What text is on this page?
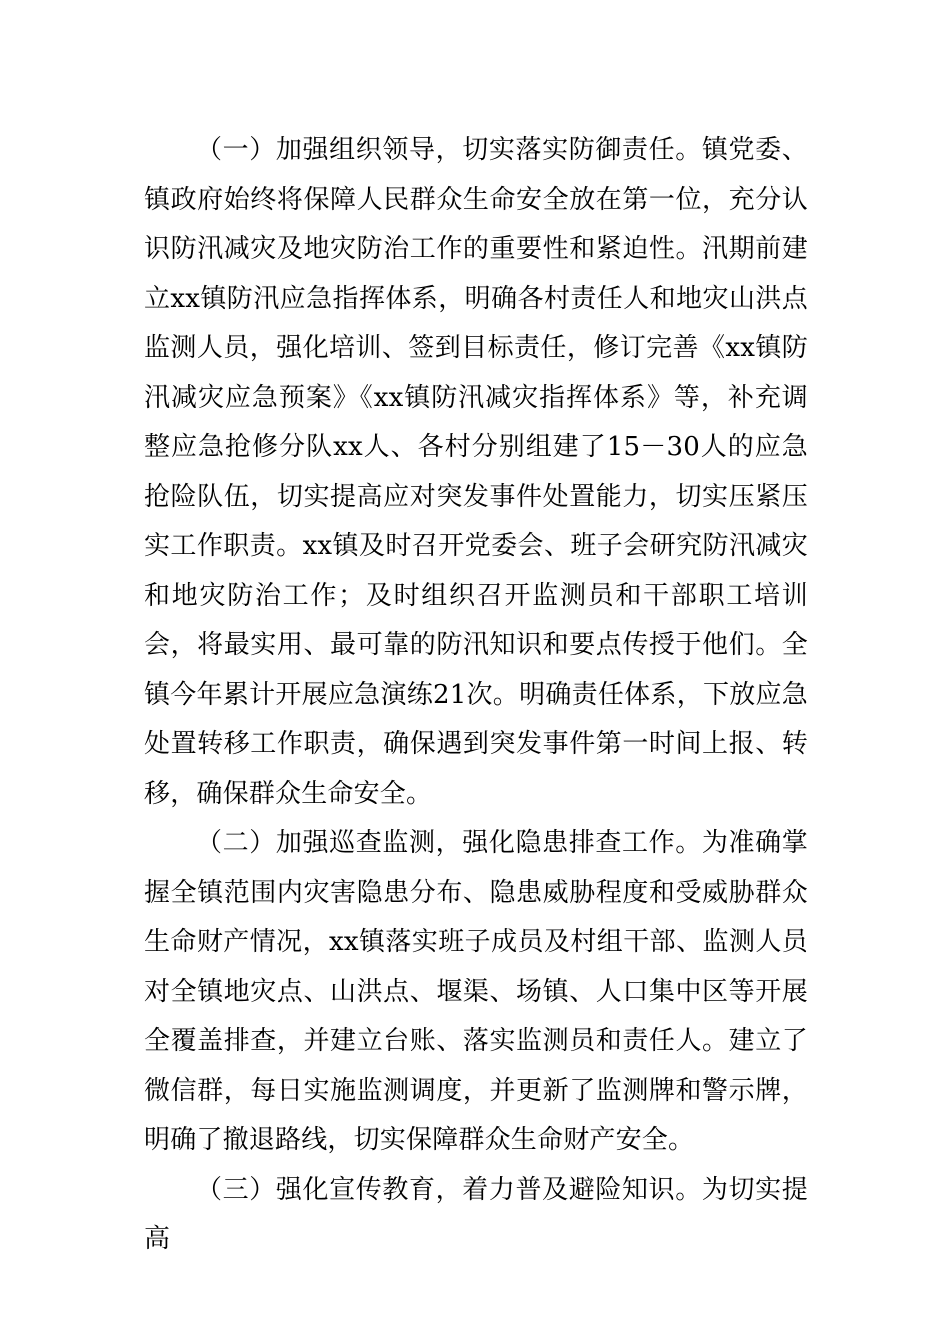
（一）加强组织领导，切实落实防御责任。镇党委、镇政府始终将保障人民群众生命安全放在第一位，充分认识防汛减灾及地灾防治工作的重要性和紧迫性。汛期前建立xx镇防汛应急指挥体系，明确各村责任人和地灾山洪点监测人员，强化培训、签到目标责任，修订完善《xx镇防汛减灾应急预案》《xx镇防汛减灾指挥体系》等，补充调整应急抢修分队xx人、各村分别组建了15－30人的应急抢险队伍，切实提高应对突发事件处置能力，切实压紧压实工作职责。xx镇及时召开党委会、班子会研究防汛减灾和地灾防治工作；及时组织召开监测员和干部职工培训会，将最实用、最可靠的防汛知识和要点传授于他们。全镇今年累计开展应急演练21次。明确责任体系，下放应急处置转移工作职责，确保遇到突发事件第一时间上报、转移，确保群众生命安全。

（二）加强巡查监测，强化隐患排查工作。为准确掌握全镇范围内灾害隐患分布、隐患威胁程度和受威胁群众生命财产情况，xx镇落实班子成员及村组干部、监测人员对全镇地灾点、山洪点、堰渠、场镇、人口集中区等开展全覆盖排查，并建立台账、落实监测员和责任人。建立了微信群，每日实施监测调度，并更新了监测牌和警示牌，明确了撤退路线，切实保障群众生命财产安全。

（三）强化宣传教育，着力普及避险知识。为切实提高
